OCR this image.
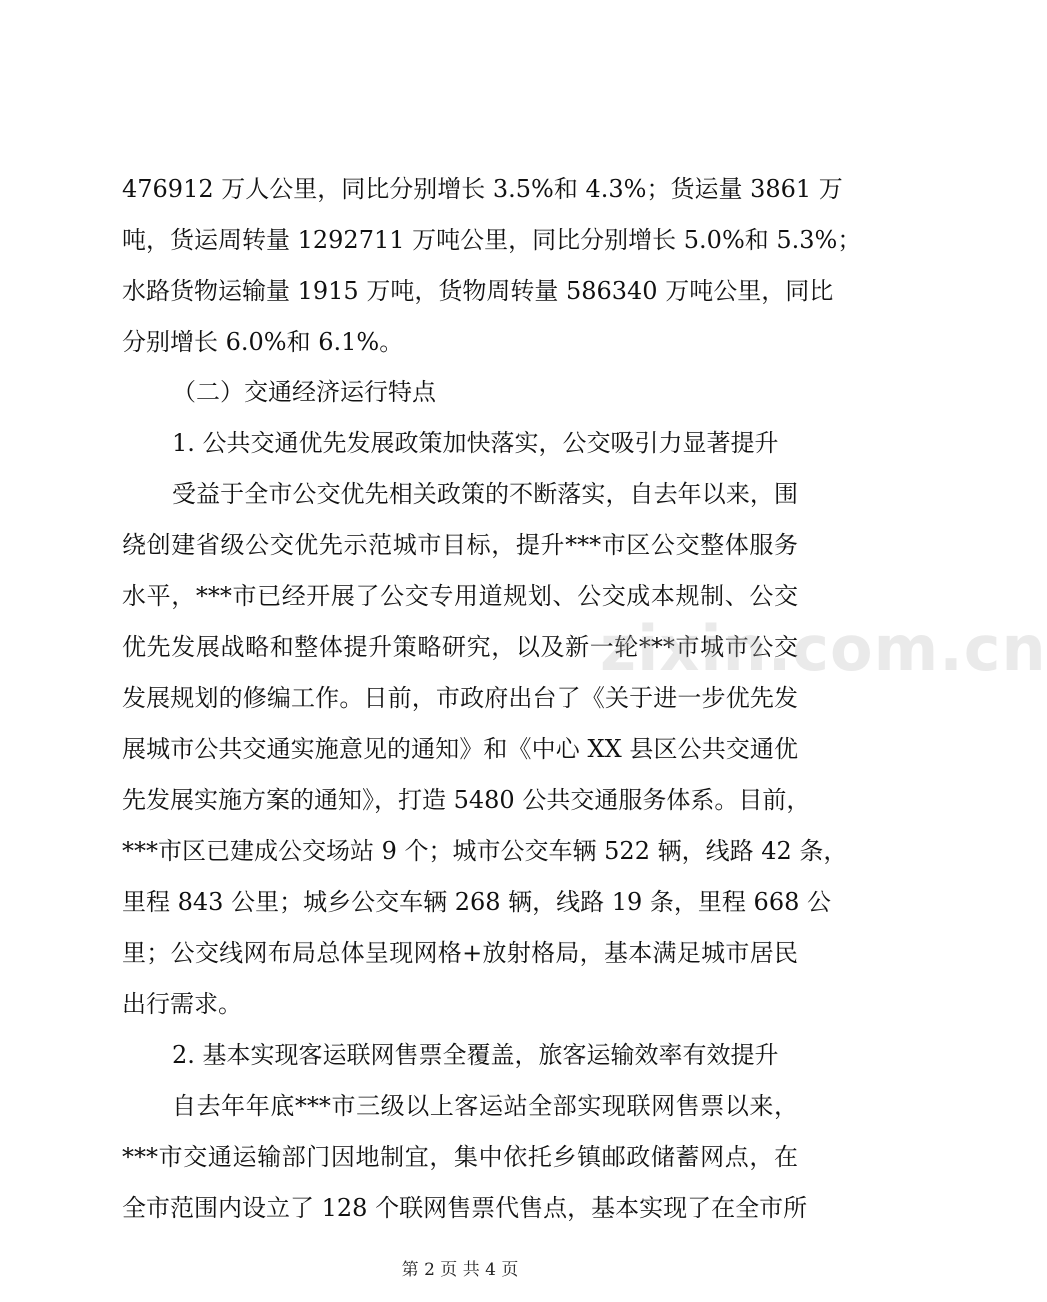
476912 万人公里，同比分别增长 3.5%和 4.3%；货运量 3861 万
吨，货运周转量 1292711 万吨公里，同比分别增长 5.0%和 5.3%；
水路货物运输量 1915 万吨，货物周转量 586340 万吨公里，同比
分别增长 6.0%和 6.1%。
（二）交通经济运行特点
1. 公共交通优先发展政策加快落实，公交吸引力显著提升
受益于全市公交优先相关政策的不断落实，自去年以来，围
绕创建省级公交优先示范城市目标，提升***市区公交整体服务
水平，***市已经开展了公交专用道规划、公交成本规制、公交
优先发展战略和整体提升策略研究，以及新一轮***市城市公交
发展规划的修编工作。日前，市政府出台了《关于进一步优先发
展城市公共交通实施意见的通知》和《中心 XX 县区公共交通优
先发展实施方案的通知》，打造 5480 公共交通服务体系。目前，
***市区已建成公交场站 9 个；城市公交车辆 522 辆，线路 42 条，
里程 843 公里；城乡公交车辆 268 辆，线路 19 条，里程 668 公
里；公交线网布局总体呈现网格+放射格局，基本满足城市居民
出行需求。
2. 基本实现客运联网售票全覆盖，旅客运输效率有效提升
自去年年底***市三级以上客运站全部实现联网售票以来，
***市交通运输部门因地制宜，集中依托乡镇邮政储蓄网点，在
全市范围内设立了 128 个联网售票代售点，基本实现了在全市所
zixin.com.cn
第 2 页 共 4 页
